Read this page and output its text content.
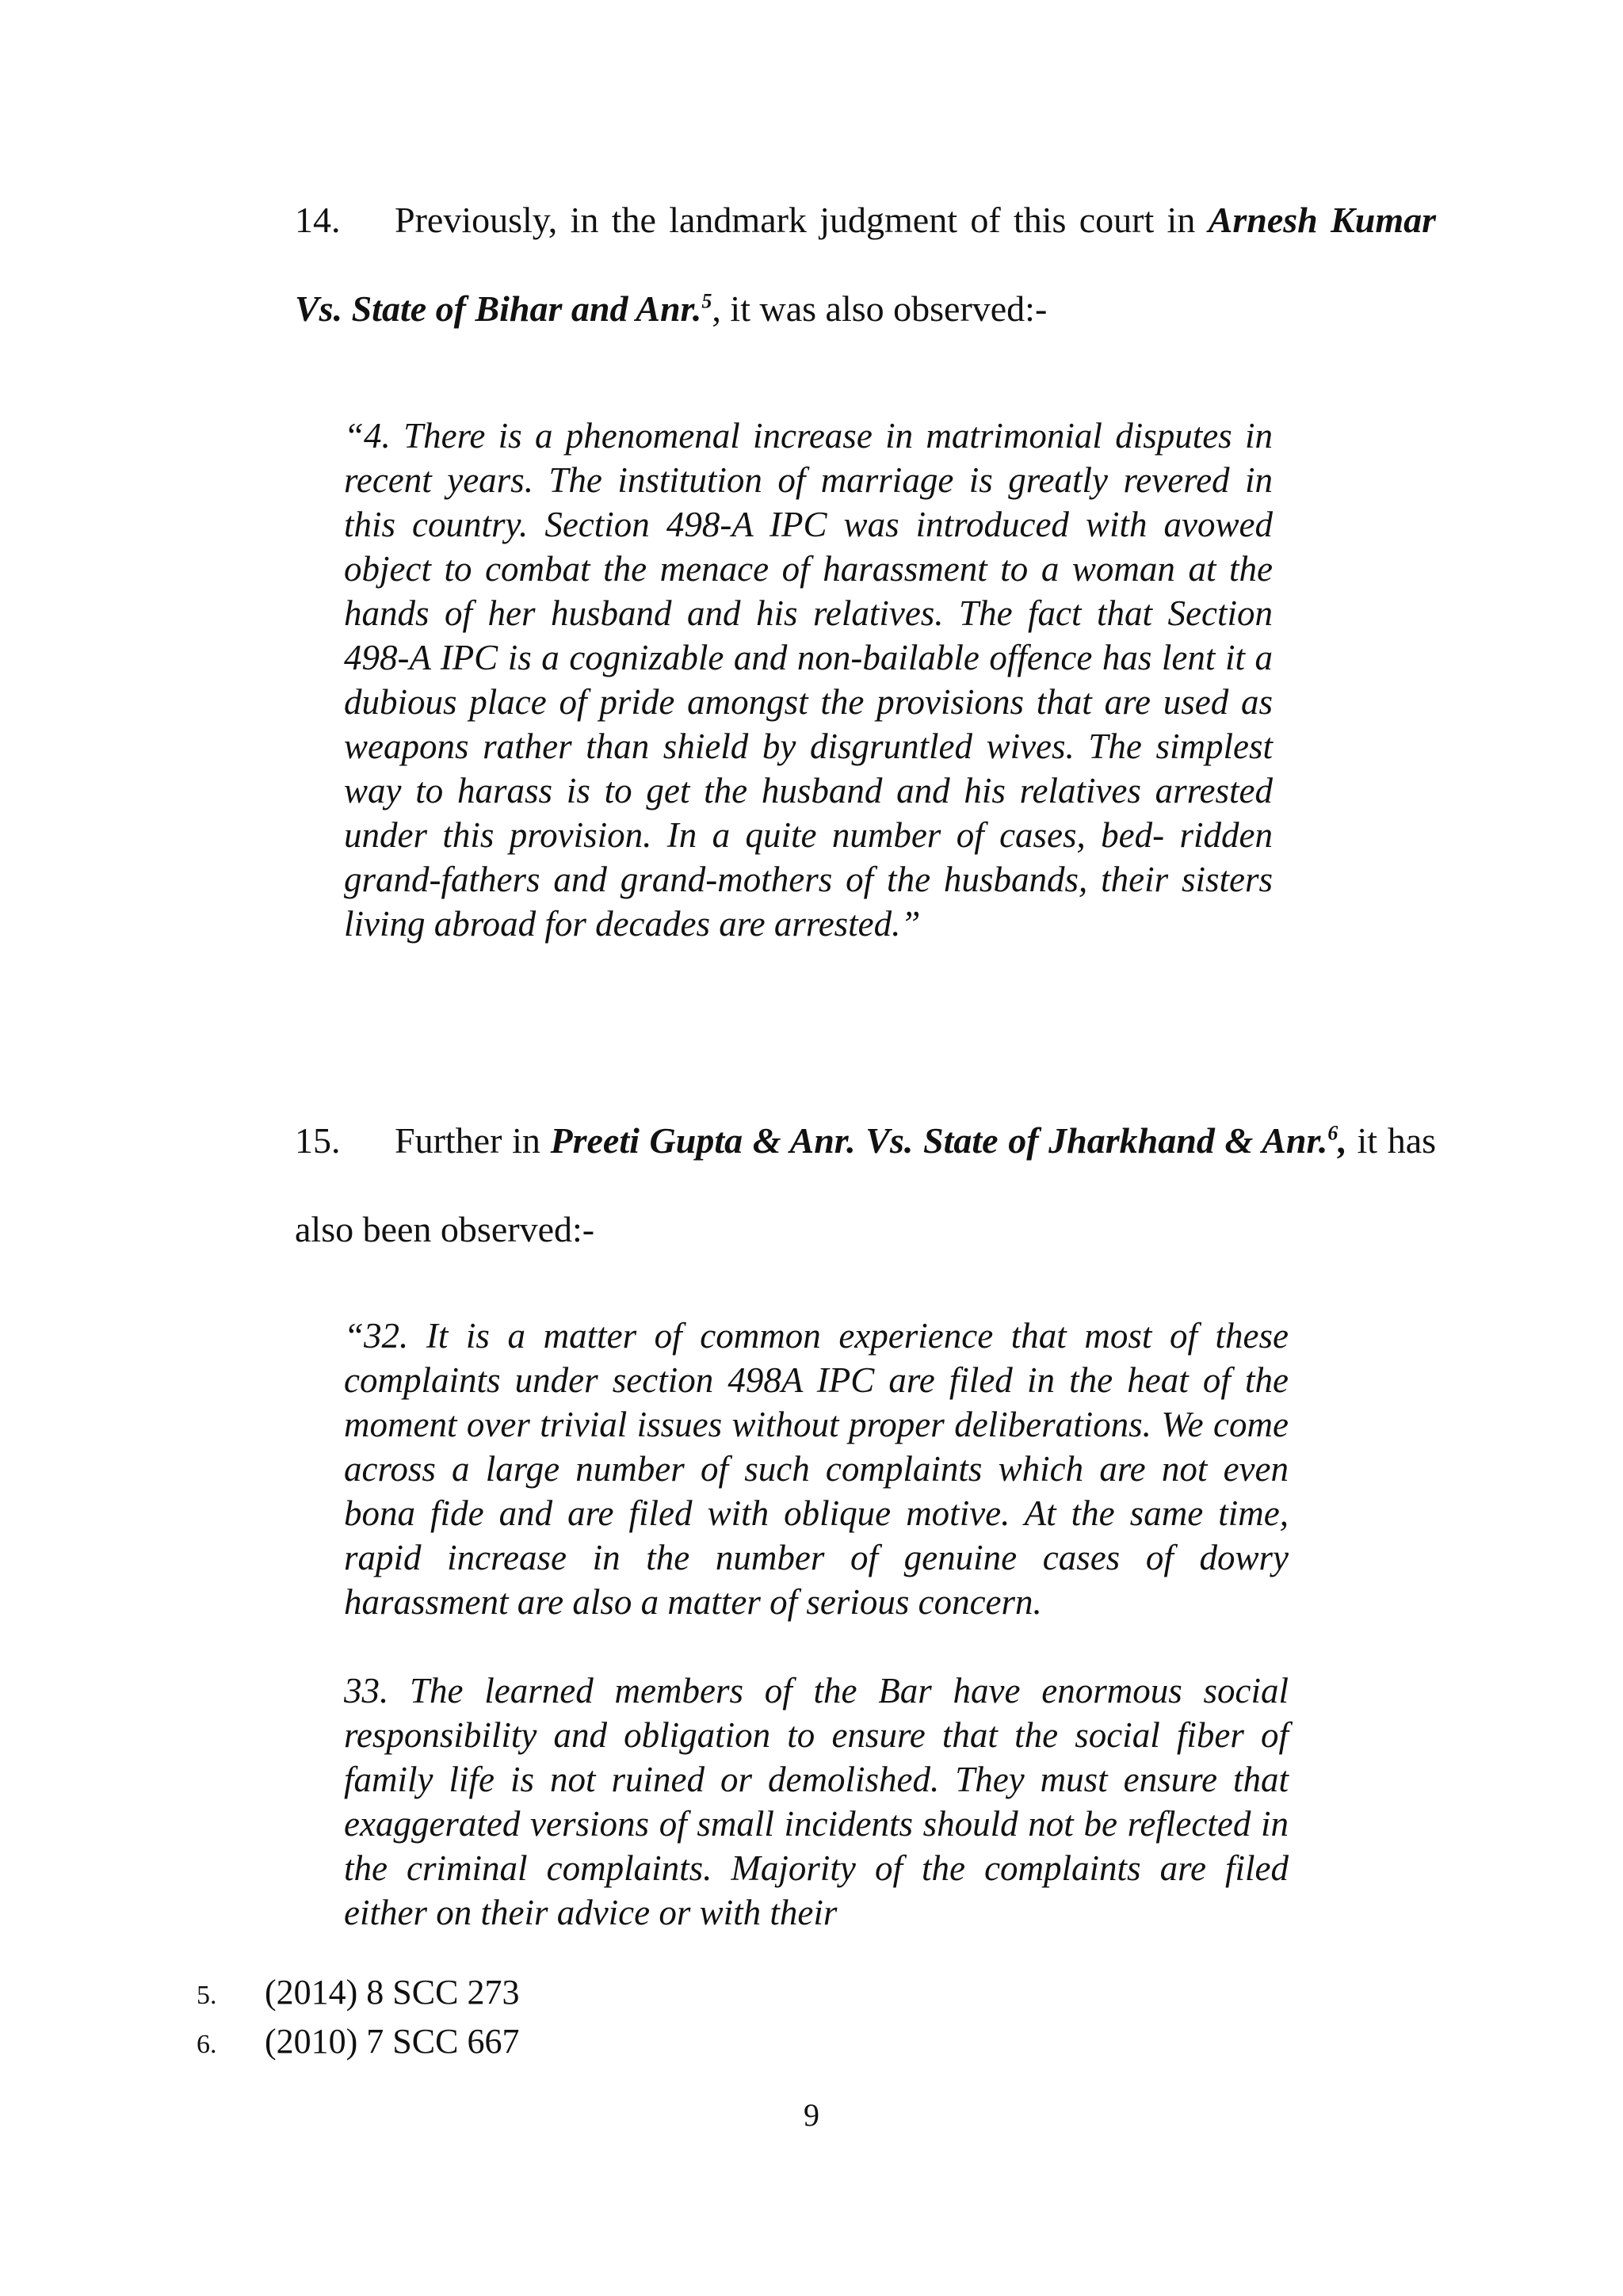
14. Previously, in the landmark judgment of this court in Arnesh Kumar Vs. State of Bihar and Anr.$^5$, it was also observed:-

“4. There is a phenomenal increase in matrimonial disputes in recent years. The institution of marriage is greatly revered in this country. Section 498-A IPC was introduced with avowed object to combat the menace of harassment to a woman at the hands of her husband and his relatives. The fact that Section 498-A IPC is a cognizable and non-bailable offence has lent it a dubious place of pride amongst the provisions that are used as weapons rather than shield by disgruntled wives. The simplest way to harass is to get the husband and his relatives arrested under this provision. In a quite number of cases, bed- ridden grand-fathers and grand-mothers of the husbands, their sisters living abroad for decades are arrested.”

15. Further in Preeti Gupta & Anr. Vs. State of Jharkhand & Anr.$^6$, it has also been observed:-

“32. It is a matter of common experience that most of these complaints under section 498A IPC are filed in the heat of the moment over trivial issues without proper deliberations. We come across a large number of such complaints which are not even bona fide and are filed with oblique motive. At the same time, rapid increase in the number of genuine cases of dowry harassment are also a matter of serious concern.

33. The learned members of the Bar have enormous social responsibility and obligation to ensure that the social fiber of family life is not ruined or demolished. They must ensure that exaggerated versions of small incidents should not be reflected in the criminal complaints. Majority of the complaints are filed either on their advice or with their

5.	(2014) 8 SCC 273
6.	(2010) 7 SCC 667
9
